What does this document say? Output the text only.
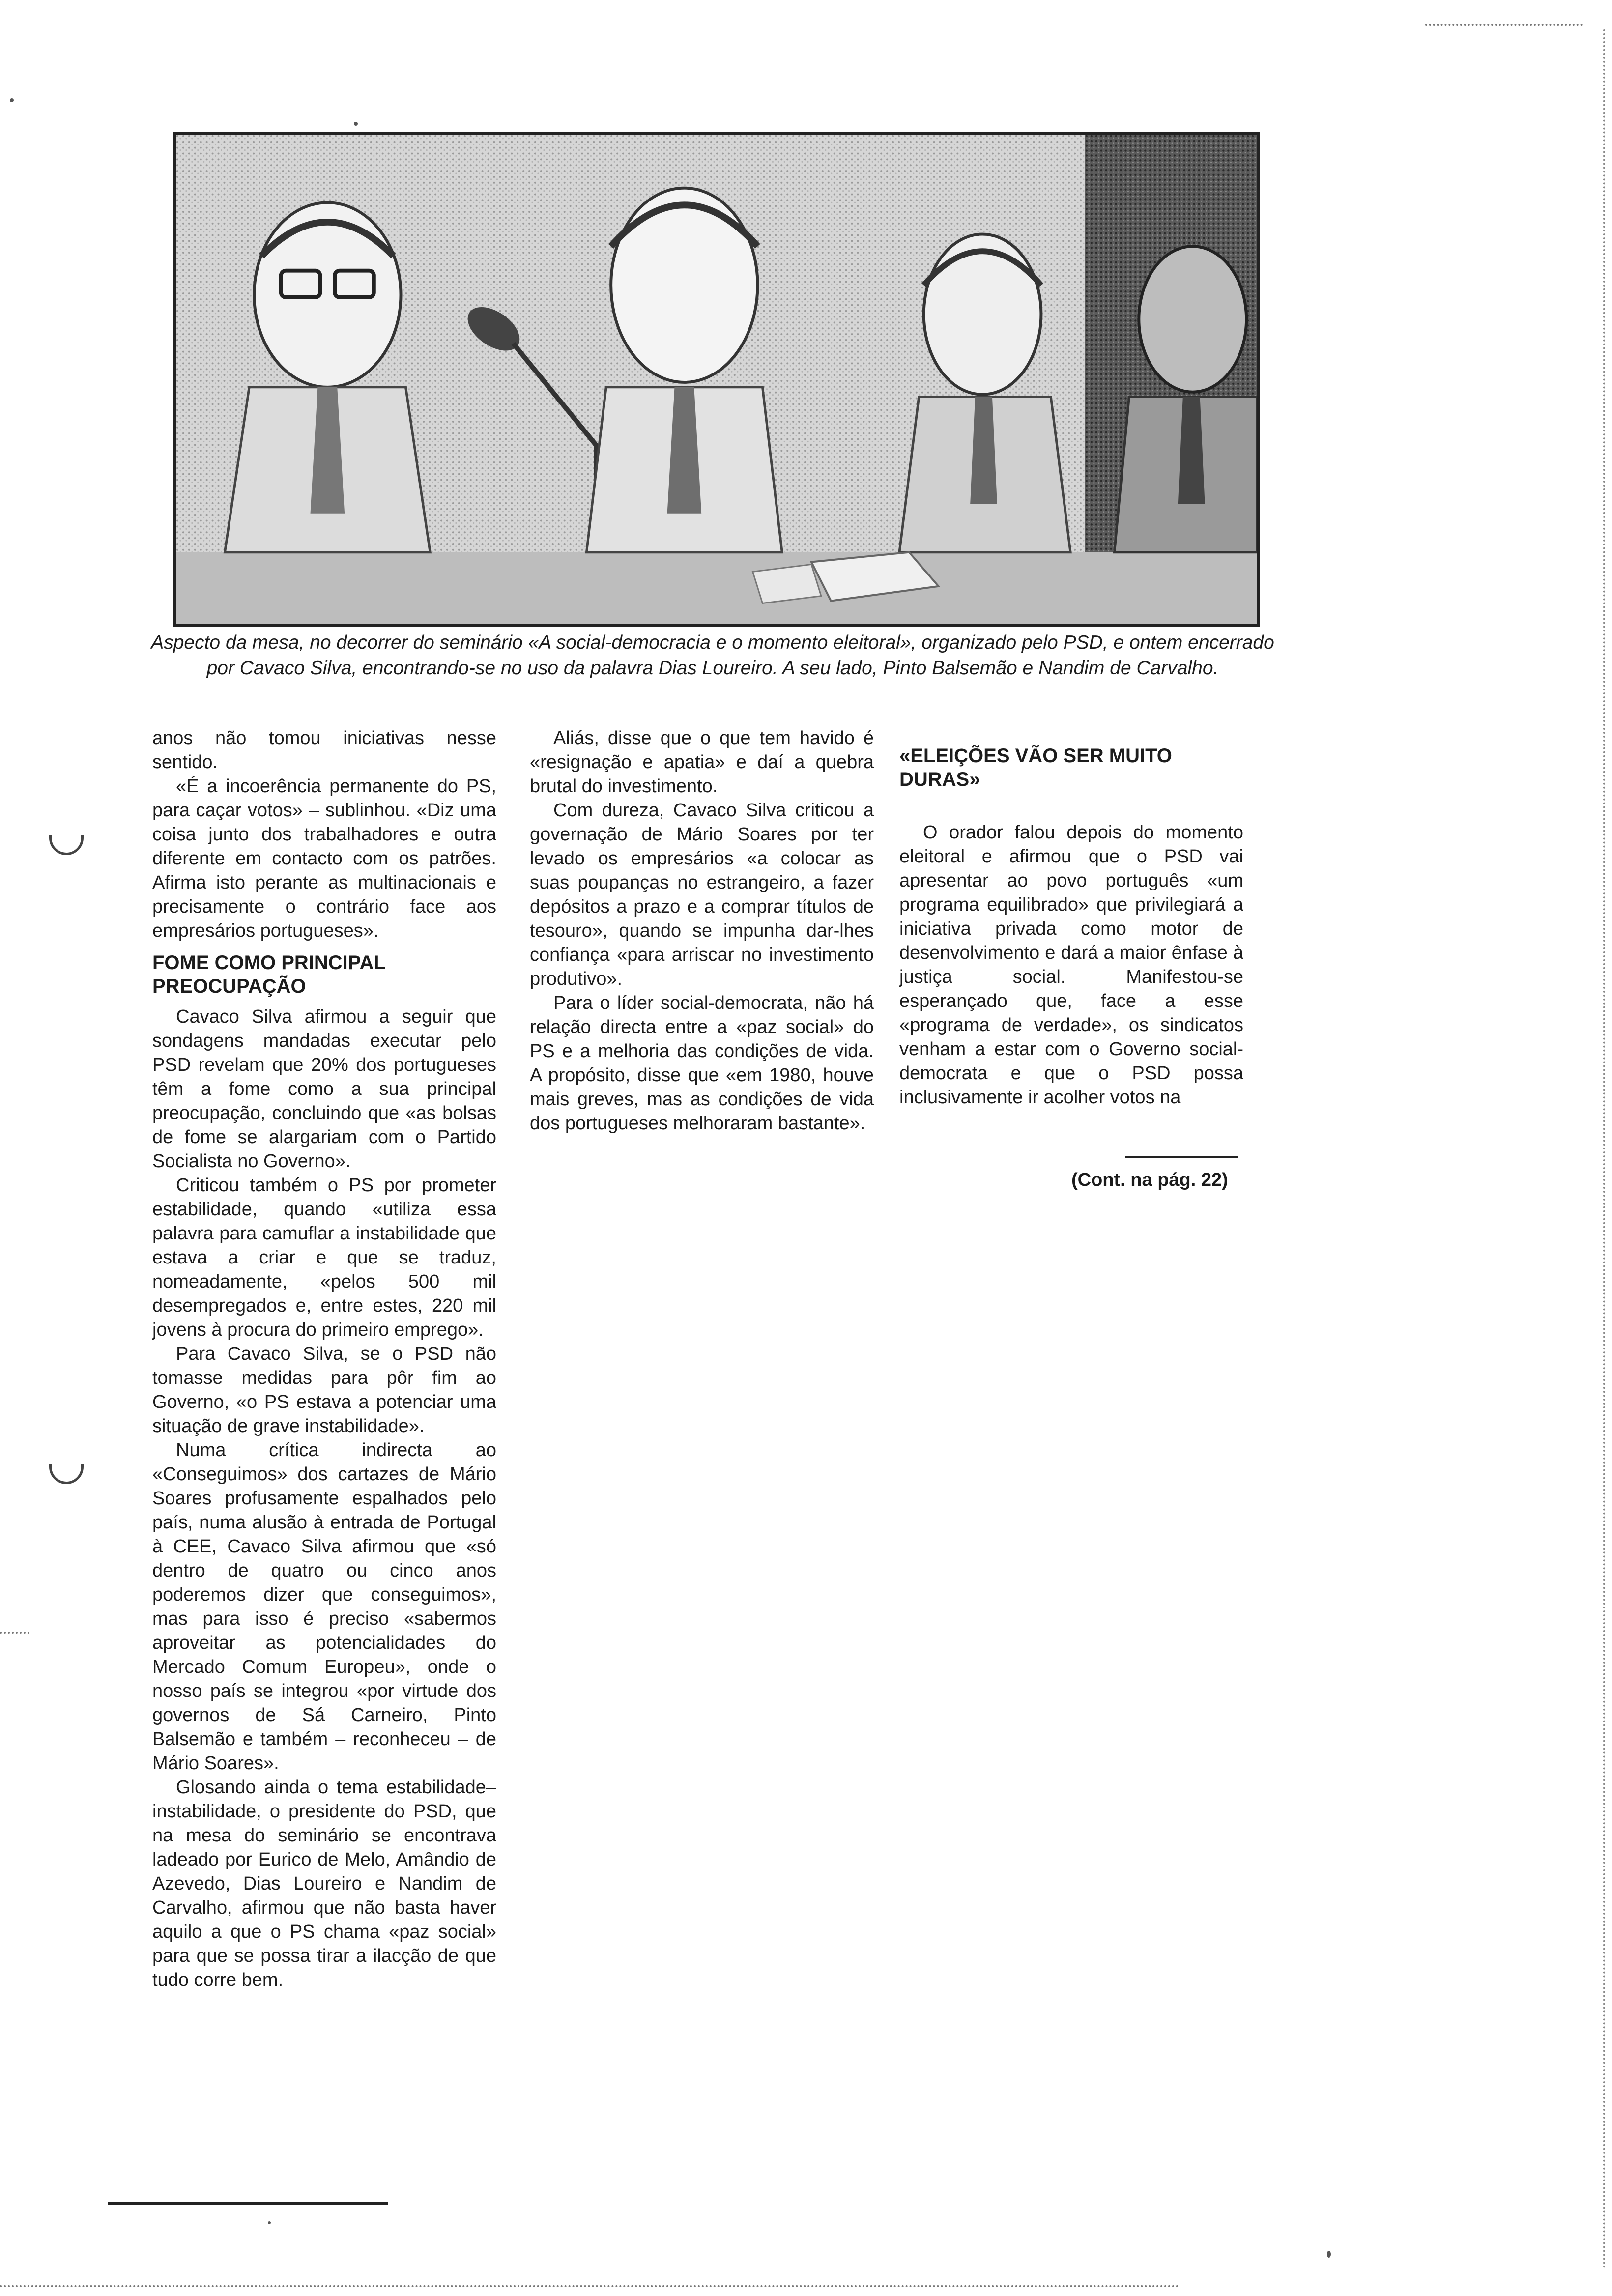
Aspecto da mesa, no decorrer do seminário «A social-democracia e o momento eleitoral», organizado pelo PSD, e ontem encerrado por Cavaco Silva, encontrando-se no uso da palavra Dias Loureiro. A seu lado, Pinto Balsemão e Nandim de Carvalho.

anos não tomou iniciativas nesse sentido.

«É a incoerência permanente do PS, para caçar votos» – sublinhou. «Diz uma coisa junto dos trabalhadores e outra diferente em contacto com os patrões. Afirma isto perante as multinacionais e precisamente o contrário face aos empresários portugueses».

FOME COMO PRINCIPAL PREOCUPAÇÃO

Cavaco Silva afirmou a seguir que sondagens mandadas executar pelo PSD revelam que 20% dos portugueses têm a fome como a sua principal preocupação, concluindo que «as bolsas de fome se alargariam com o Partido Socialista no Governo».

Criticou também o PS por prometer estabilidade, quando «utiliza essa palavra para camuflar a instabilidade que estava a criar e que se traduz, nomeadamente, «pelos 500 mil desempregados e, entre estes, 220 mil jovens à procura do primeiro emprego».

Para Cavaco Silva, se o PSD não tomasse medidas para pôr fim ao Governo, «o PS estava a potenciar uma situação de grave instabilidade».

Numa crítica indirecta ao «Conseguimos» dos cartazes de Mário Soares profusamente espalhados pelo país, numa alusão à entrada de Portugal à CEE, Cavaco Silva afirmou que «só dentro de quatro ou cinco anos poderemos dizer que conseguimos», mas para isso é preciso «sabermos aproveitar as potencialidades do Mercado Comum Europeu», onde o nosso país se integrou «por virtude dos governos de Sá Carneiro, Pinto Balsemão e também – reconheceu – de Mário Soares».

Glosando ainda o tema estabilidade–instabilidade, o presidente do PSD, que na mesa do seminário se encontrava ladeado por Eurico de Melo, Amândio de Azevedo, Dias Loureiro e Nandim de Carvalho, afirmou que não basta haver aquilo a que o PS chama «paz social» para que se possa tirar a ilacção de que tudo corre bem.

Aliás, disse que o que tem havido é «resignação e apatia» e daí a quebra brutal do investimento.

Com dureza, Cavaco Silva criticou a governação de Mário Soares por ter levado os empresários «a colocar as suas poupanças no estrangeiro, a fazer depósitos a prazo e a comprar títulos de tesouro», quando se impunha dar-lhes confiança «para arriscar no investimento produtivo».

Para o líder social-democrata, não há relação directa entre a «paz social» do PS e a melhoria das condições de vida. A propósito, disse que «em 1980, houve mais greves, mas as condições de vida dos portugueses melhoraram bastante».

«ELEIÇÕES VÃO SER MUITO DURAS»

O orador falou depois do momento eleitoral e afirmou que o PSD vai apresentar ao povo português «um programa equilibrado» que privilegiará a iniciativa privada como motor de desenvolvimento e dará a maior ênfase à justiça social. Manifestou-se esperançado que, face a esse «programa de verdade», os sindicatos venham a estar com o Governo social-democrata e que o PSD possa inclusivamente ir acolher votos na

(Cont. na pág. 22)
